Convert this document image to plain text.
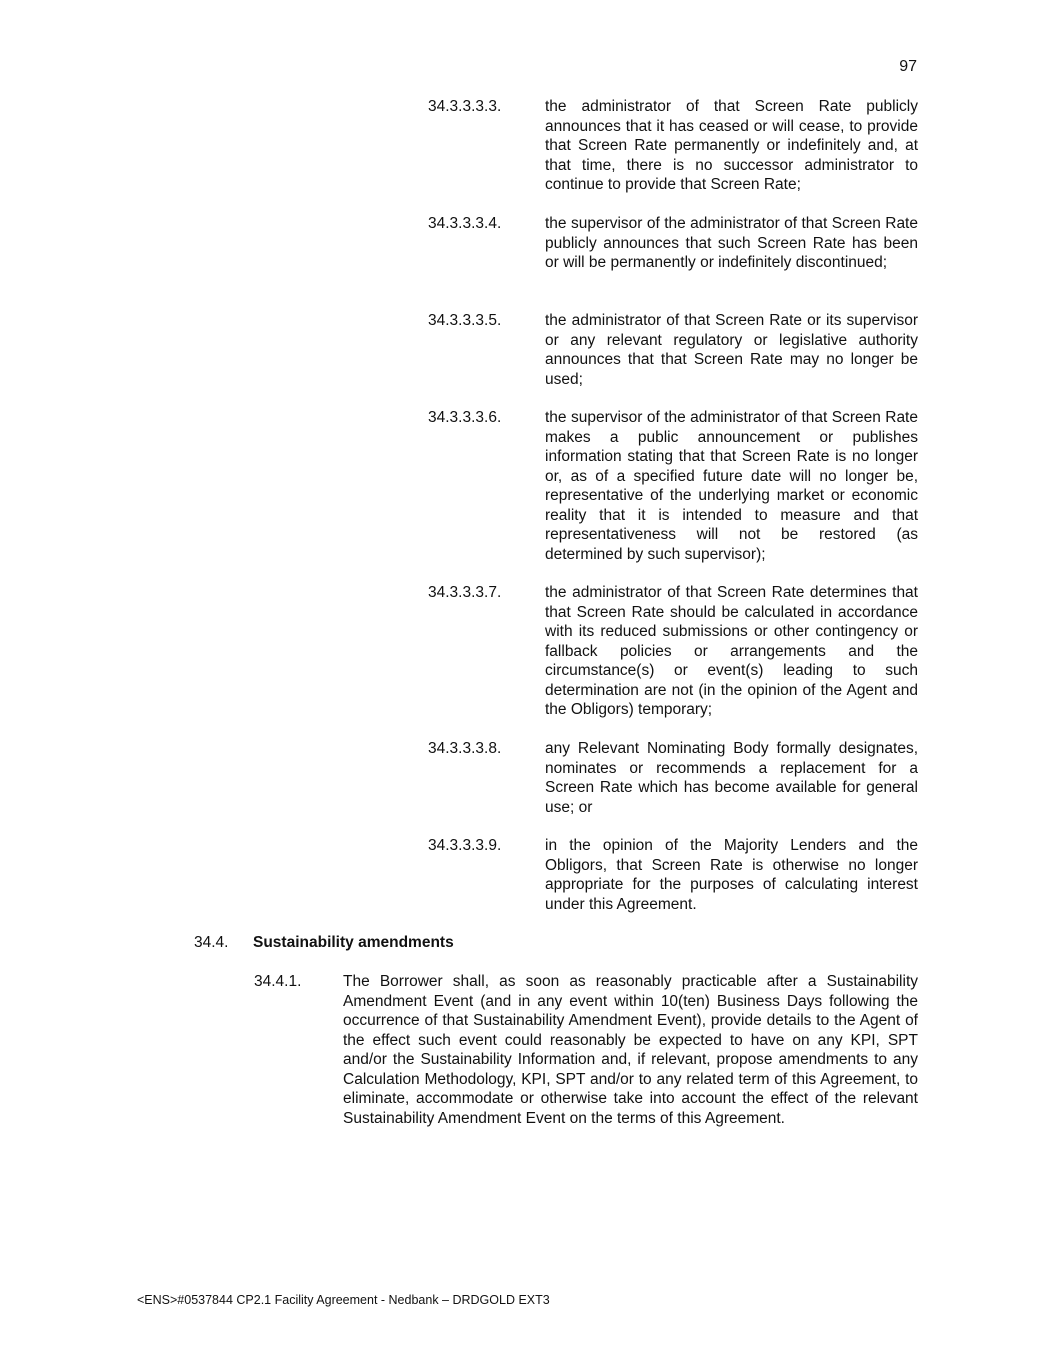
97
34.3.3.3.3.	the administrator of that Screen Rate publicly announces that it has ceased or will cease, to provide that Screen Rate permanently or indefinitely and, at that time, there is no successor administrator to continue to provide that Screen Rate;
34.3.3.3.4.	the supervisor of the administrator of that Screen Rate publicly announces that such Screen Rate has been or will be permanently or indefinitely discontinued;
34.3.3.3.5.	the administrator of that Screen Rate or its supervisor or any relevant regulatory or legislative authority announces that that Screen Rate may no longer be used;
34.3.3.3.6.	the supervisor of the administrator of that Screen Rate makes a public announcement or publishes information stating that that Screen Rate is no longer or, as of a specified future date will no longer be, representative of the underlying market or economic reality that it is intended to measure and that representativeness will not be restored (as determined by such supervisor);
34.3.3.3.7.	the administrator of that Screen Rate determines that that Screen Rate should be calculated in accordance with its reduced submissions or other contingency or fallback policies or arrangements and the circumstance(s) or event(s) leading to such determination are not (in the opinion of the Agent and the Obligors) temporary;
34.3.3.3.8.	any Relevant Nominating Body formally designates, nominates or recommends a replacement for a Screen Rate which has become available for general use; or
34.3.3.3.9.	in the opinion of the Majority Lenders and the Obligors, that Screen Rate is otherwise no longer appropriate for the purposes of calculating interest under this Agreement.
34.4. Sustainability amendments
34.4.1.	The Borrower shall, as soon as reasonably practicable after a Sustainability Amendment Event (and in any event within 10(ten) Business Days following the occurrence of that Sustainability Amendment Event), provide details to the Agent of the effect such event could reasonably be expected to have on any KPI, SPT and/or the Sustainability Information and, if relevant, propose amendments to any Calculation Methodology, KPI, SPT and/or to any related term of this Agreement, to eliminate, accommodate or otherwise take into account the effect of the relevant Sustainability Amendment Event on the terms of this Agreement.
<ENS>#0537844 CP2.1 Facility Agreement - Nedbank – DRDGOLD EXT3
